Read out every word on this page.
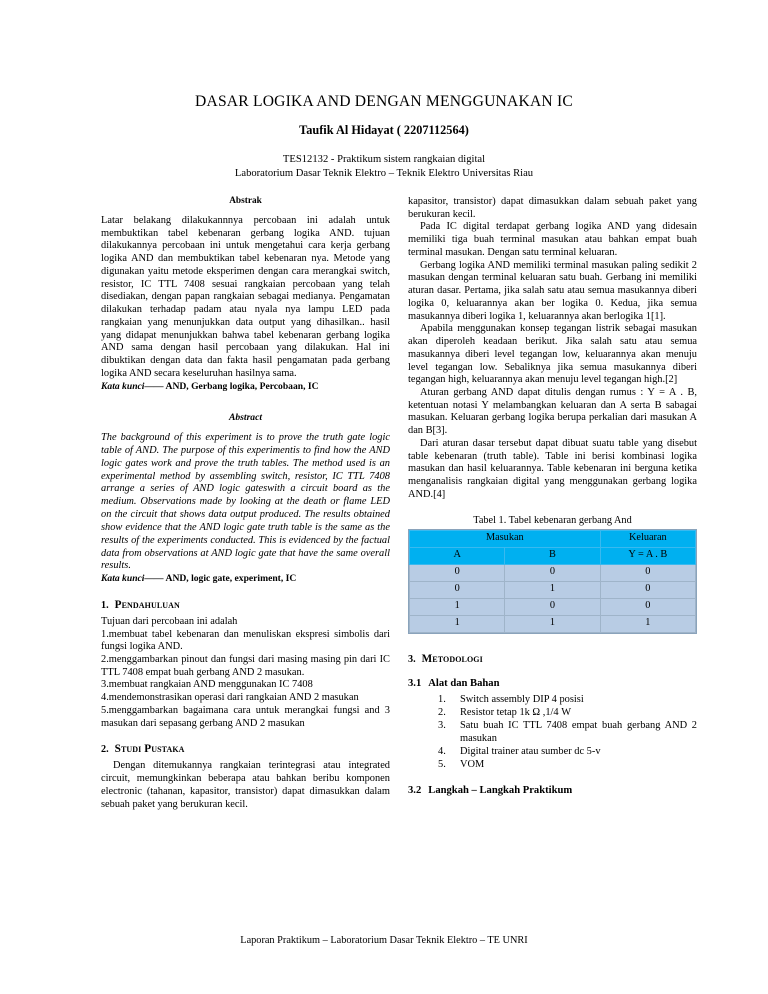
DASAR LOGIKA AND DENGAN MENGGUNAKAN IC
Taufik Al Hidayat ( 2207112564)
TES12132 - Praktikum sistem rangkaian digital
Laboratorium Dasar Teknik Elektro – Teknik Elektro Universitas Riau
Abstrak

Latar belakang dilakukannnya percobaan ini adalah untuk membuktikan tabel kebenaran gerbang logika AND. tujuan dilakukannya percobaan ini untuk mengetahui cara kerja gerbang logika AND dan membuktikan tabel kebenaran nya. Metode yang digunakan yaitu metode eksperimen dengan cara merangkai switch, resistor, IC TTL 7408 sesuai rangkaian percobaan yang telah disediakan, dengan papan rangkaian sebagai medianya. Pengamatan dilakukan terhadap padam atau nyala nya lampu LED pada rangkaian yang menunjukkan data output yang dihasilkan.. hasil yang didapat menunjukkan bahwa tabel kebenaran gerbang logika AND sama dengan hasil percobaan yang dilakukan. Hal ini dibuktikan dengan data dan fakta hasil pengamatan pada gerbang logika AND secara keseluruhan hasilnya sama.

Kata kunci—— AND, Gerbang logika, Percobaan, IC
Abstract

The background of this experiment is to prove the truth gate logic table of AND. The purpose of this experimentis to find how the AND logic gates work and prove the truth tables. The method used is an experimental method by assembling switch, resistor, IC TTL 7408 arrange a series of AND logic gateswith a circuit board as the medium. Observations made by looking at the death or flame LED on the circuit that shows data output produced. The results obtained show evidence that the AND logic gate truth table is the same as the results of the experiments conducted. This is evidenced by the factual data from observations at AND logic gate that have the same overall results.

Kata kunci—— AND, logic gate, experiment, IC
1. Pendahuluan

Tujuan dari percobaan ini adalah

1.membuat tabel kebenaran dan menuliskan ekspresi simbolis dari fungsi logika AND.

2.menggambarkan pinout dan fungsi dari masing masing pin dari IC TTL 7408 empat buah gerbang AND 2 masukan.

3.membuat rangkaian AND menggunakan IC 7408

4.mendemonstrasikan operasi dari rangkaian AND 2 masukan

5.menggambarkan bagaimana cara untuk merangkai fungsi and 3 masukan dari sepasang gerbang AND 2 masukan

2. Studi Pustaka

Dengan ditemukannya rangkaian terintegrasi atau integrated circuit, memungkinkan beberapa atau bahkan beribu komponen electronic (tahanan, kapasitor, transistor) dapat dimasukkan dalam sebuah paket yang berukuran kecil.

kapasitor, transistor) dapat dimasukkan dalam sebuah paket yang berukuran kecil.

Pada IC digital terdapat gerbang logika AND yang didesain memiliki tiga buah terminal masukan atau bahkan empat buah terminal masukan. Dengan satu terminal keluaran.

Gerbang logika AND memiliki terminal masukan paling sedikit 2 masukan dengan terminal keluaran satu buah. Gerbang ini memiliki aturan dasar. Pertama, jika salah satu atau semua masukannya diberi logika 0, keluarannya akan ber logika 0. Kedua, jika semua masukannya diberi logika 1, keluarannya akan berlogika 1[1].

Apabila menggunakan konsep tegangan listrik sebagai masukan akan diperoleh keadaan berikut. Jika salah satu atau semua masukannya diberi level tegangan low, keluarannya akan menuju level tegangan low. Sebaliknya jika semua masukannya diberi tegangan high, keluarannya akan menuju level tegangan high.[2]

Aturan gerbang AND dapat ditulis dengan rumus : Y = A . B, ketentuan notasi Y melambangkan keluaran dan A serta B sabagai masukan. Keluaran gerbang logika berupa perkalian dari masukan A dan B[3].

Dari aturan dasar tersebut dapat dibuat suatu table yang disebut table kebenaran (truth table). Table ini berisi kombinasi logika masukan dan hasil keluarannya. Table kebenaran ini berguna ketika menganalisis rangkaian digital yang menggunakan gerbang logika AND.[4]

Tabel 1. Tabel kebenaran gerbang And
Masukan		Keluaran
A	B	Y = A . B
0	0	0
0	1	0
1	0	0
1	1	1
3. Metodologi
3.1 Alat dan Bahan
1.	Switch assembly DIP 4 posisi
2.	Resistor tetap 1k Ω ,1/4 W
3.	Satu buah IC TTL 7408 empat buah gerbang AND 2 masukan
4.	Digital trainer atau sumber dc 5-v
5.	VOM
3.2 Langkah – Langkah Praktikum
Laporan Praktikum – Laboratorium Dasar Teknik Elektro – TE UNRI
